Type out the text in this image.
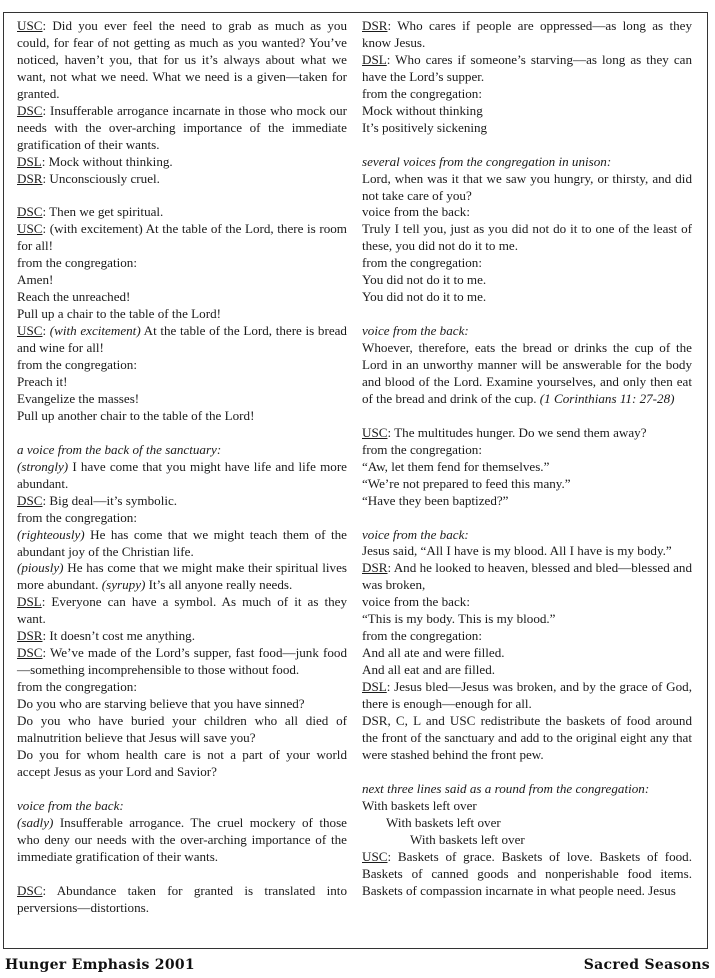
USC: Did you ever feel the need to grab as much as you could, for fear of not getting as much as you wanted? You’ve noticed, haven’t you, that for us it’s always about what we want, not what we need. What we need is a given—taken for granted.
DSC: Insufferable arrogance incarnate in those who mock our needs with the over-arching importance of the immediate gratification of their wants.
DSL: Mock without thinking.
DSR: Unconsciously cruel.
DSC: Then we get spiritual.
USC: (with excitement) At the table of the Lord, there is room for all!
from the congregation:
Amen!
Reach the unreached!
Pull up a chair to the table of the Lord!
USC: (with excitement) At the table of the Lord, there is bread and wine for all!
from the congregation:
Preach it!
Evangelize the masses!
Pull up another chair to the table of the Lord!
a voice from the back of the sanctuary:
(strongly) I have come that you might have life and life more abundant.
DSC: Big deal—it’s symbolic.
from the congregation:
(righteously) He has come that we might teach them of the abundant joy of the Christian life.
(piously) He has come that we might make their spiritual lives more abundant. (syrupy) It’s all anyone really needs.
DSL: Everyone can have a symbol. As much of it as they want.
DSR: It doesn’t cost me anything.
DSC: We’ve made of the Lord’s supper, fast food—junk food—something incomprehensible to those without food.
from the congregation:
Do you who are starving believe that you have sinned?
Do you who have buried your children who all died of malnutrition believe that Jesus will save you?
Do you for whom health care is not a part of your world accept Jesus as your Lord and Savior?
voice from the back:
(sadly) Insufferable arrogance. The cruel mockery of those who deny our needs with the over-arching importance of the immediate gratification of their wants.
DSC: Abundance taken for granted is translated into perversions—distortions.
DSR: Who cares if people are oppressed—as long as they know Jesus.
DSL: Who cares if someone’s starving—as long as they can have the Lord’s supper.
from the congregation:
Mock without thinking
It’s positively sickening
several voices from the congregation in unison:
Lord, when was it that we saw you hungry, or thirsty, and did not take care of you?
voice from the back:
Truly I tell you, just as you did not do it to one of the least of these, you did not do it to me.
from the congregation:
You did not do it to me.
You did not do it to me.
voice from the back:
Whoever, therefore, eats the bread or drinks the cup of the Lord in an unworthy manner will be answerable for the body and blood of the Lord. Examine yourselves, and only then eat of the bread and drink of the cup. (1 Corinthians 11: 27-28)
USC: The multitudes hunger. Do we send them away?
from the congregation:
“Aw, let them fend for themselves.”
“We’re not prepared to feed this many.”
“Have they been baptized?”
voice from the back:
Jesus said, “All I have is my blood. All I have is my body.”
DSR: And he looked to heaven, blessed and bled—blessed and was broken,
voice from the back:
“This is my body. This is my blood.”
from the congregation:
And all ate and were filled.
And all eat and are filled.
DSL: Jesus bled—Jesus was broken, and by the grace of God, there is enough—enough for all.
DSR, C, L and USC redistribute the baskets of food around the front of the sanctuary and add to the original eight any that were stashed behind the front pew.
next three lines said as a round from the congregation:
With baskets left over
With baskets left over
With baskets left over
USC: Baskets of grace. Baskets of love. Baskets of food. Baskets of canned goods and nonperishable food items. Baskets of compassion incarnate in what people need. Jesus
Hunger Emphasis 2001	Sacred Seasons
